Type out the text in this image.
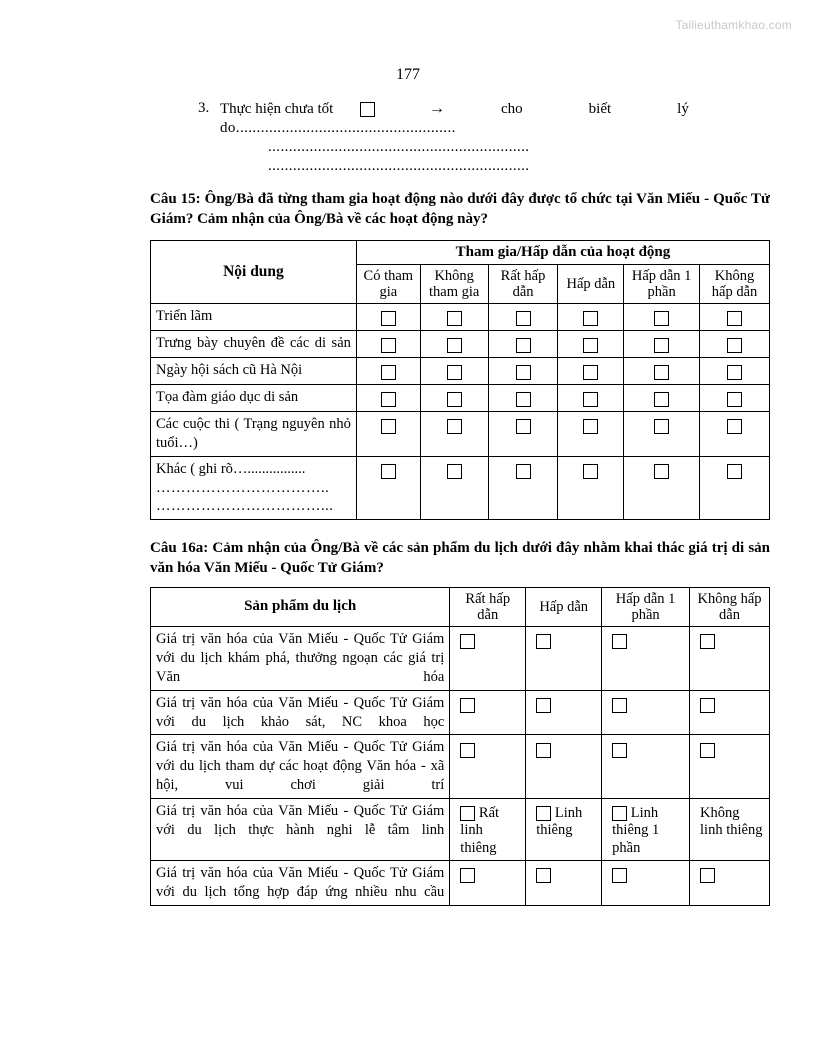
Tailieuthamkhao.com
177
3. Thực hiện chưa tốt	→	cho	biết	lý
do.....................................................
...............................................................
...............................................................
Câu 15: Ông/Bà đã từng tham gia hoạt động nào dưới đây được tổ chức tại Văn Miếu - Quốc Tử Giám? Cảm nhận của Ông/Bà về các hoạt động này?
Nội dung	Tham gia/Hấp dẫn của hoạt động					
	Có tham gia	Không tham gia	Rất hấp dẫn	Hấp dẫn	Hấp dẫn 1 phần	Không hấp dẫn
Triển lãm						
Trưng bày chuyên đề các di sản						
Ngày hội sách cũ Hà Nội						
Tọa đàm giáo dục di sản						
Các cuộc thi ( Trạng nguyên nhỏ tuổi…)						
Khác ( ghi rõ…................
……………………………..
……………………………...						

Câu 16a: Cảm nhận của Ông/Bà về các sản phẩm du lịch dưới đây nhằm khai thác giá trị di sản văn hóa Văn Miếu - Quốc Tử Giám?
Sản phẩm du lịch	Rất hấp dẫn	Hấp dẫn	Hấp dẫn 1 phần	Không hấp dẫn
Giá trị văn hóa của Văn Miếu - Quốc Tử Giám với du lịch khám phá, thưởng ngoạn các giá trị Văn hóa				
Giá trị văn hóa của Văn Miếu - Quốc Tử Giám với du lịch khảo sát, NC khoa học				
Giá trị văn hóa của Văn Miếu - Quốc Tử Giám với du lịch tham dự các hoạt động Văn hóa - xã hội, vui chơi giải trí				
Giá trị văn hóa của Văn Miếu - Quốc Tử Giám với du lịch thực hành nghi lễ tâm linh	Rất linh thiêng	Linh thiêng	Linh thiêng 1 phần	Không linh thiêng

Giá trị văn hóa của Văn Miếu - Quốc Tử Giám với du lịch tổng hợp đáp ứng nhiều nhu cầu				
